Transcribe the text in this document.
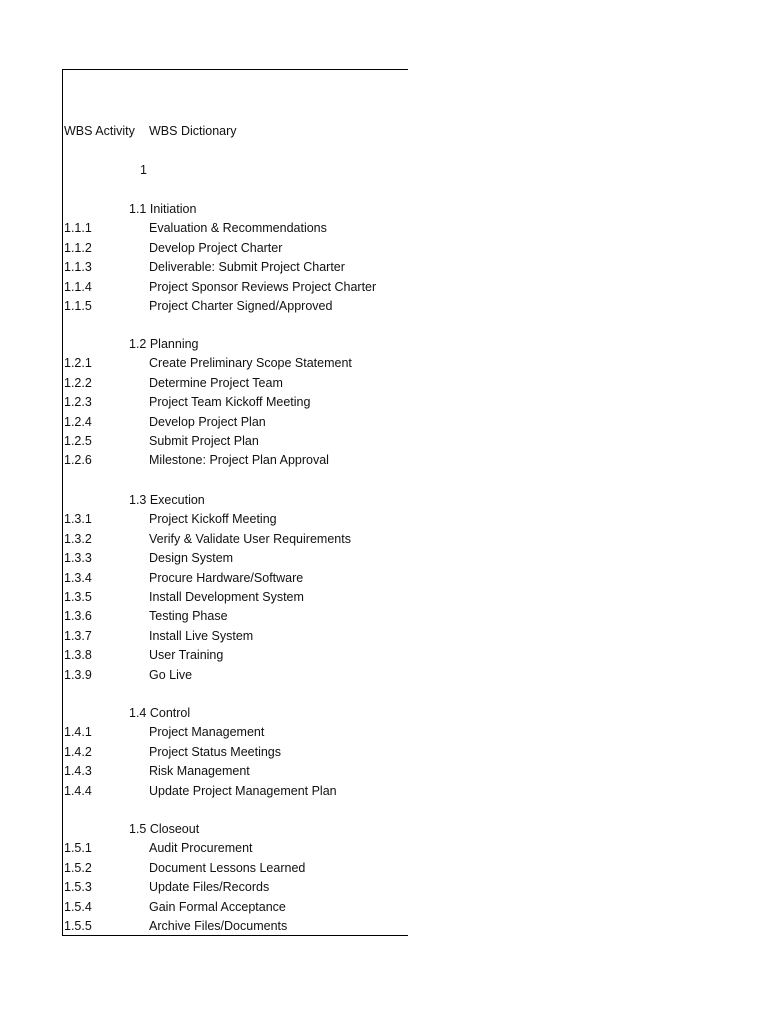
WBS Activity WBS Dictionary
1
1.1 Initiation
1.1.1	Evaluation & Recommendations
1.1.2	Develop Project Charter
1.1.3	Deliverable: Submit Project Charter
1.1.4	Project Sponsor Reviews Project Charter
1.1.5	Project Charter Signed/Approved
1.2 Planning
1.2.1	Create Preliminary Scope Statement
1.2.2	Determine Project Team
1.2.3	Project Team Kickoff Meeting
1.2.4	Develop Project Plan
1.2.5	Submit Project Plan
1.2.6	Milestone: Project Plan Approval
1.3 Execution
1.3.1	Project Kickoff Meeting
1.3.2	Verify & Validate User Requirements
1.3.3	Design System
1.3.4	Procure Hardware/Software
1.3.5	Install Development System
1.3.6	Testing Phase
1.3.7	Install Live System
1.3.8	User Training
1.3.9	Go Live
1.4 Control
1.4.1	Project Management
1.4.2	Project Status Meetings
1.4.3	Risk Management
1.4.4	Update Project Management Plan
1.5 Closeout
1.5.1	Audit Procurement
1.5.2	Document Lessons Learned
1.5.3	Update Files/Records
1.5.4	Gain Formal Acceptance
1.5.5	Archive Files/Documents
